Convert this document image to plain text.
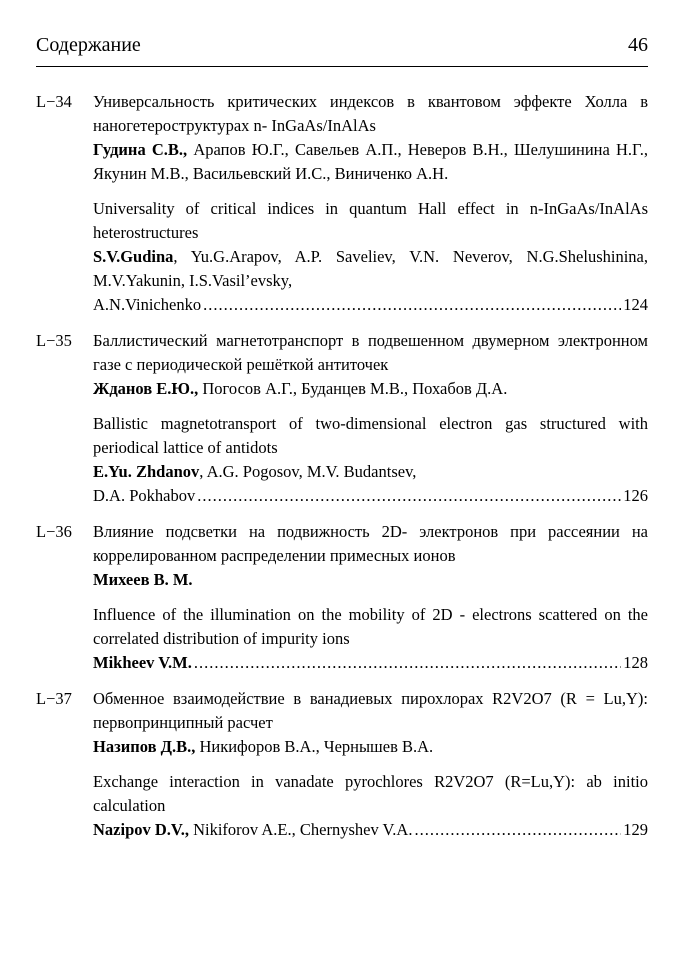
Содержание	46
L−34	Универсальность критических индексов в квантовом эффекте Холла в наногетероструктурах n- InGaAs/InAlAs
Гудина С.В., Арапов Ю.Г., Савельев А.П., Неверов В.Н., Шелушинина Н.Г., Якунин М.В., Васильевский И.С., Виниченко А.Н.
Universality of critical indices in quantum Hall effect in n-InGaAs/InAlAs heterostructures
S.V.Gudina, Yu.G.Arapov, A.P. Saveliev, V.N. Neverov, N.G.Shelushinina, M.V.Yakunin, I.S.Vasil’evsky,
A.N.Vinichenko .....	124
L−35	Баллистический магнетотранспорт в подвешенном двумерном электронном газе с периодической решёткой антиточек
Жданов Е.Ю., Погосов А.Г., Буданцев М.В., Похабов Д.А.
Ballistic magnetotransport of two-dimensional electron gas structured with periodical lattice of antidots
E.Yu. Zhdanov, A.G. Pogosov, M.V. Budantsev,
D.A. Pokhabov .....	126
L−36	Влияние подсветки на подвижность 2D- электронов при рассеянии на коррелированном распределении примесных ионов
Михеев В. М.
Influence of the illumination on the mobility of 2D - electrons scattered on the correlated distribution of impurity ions
Mikheev V.M. .....	128
L−37	Обменное взаимодействие в ванадиевых пирохлорах R2V2O7 (R = Lu,Y): первопринципный расчет
Назипов Д.В., Никифоров В.А., Чернышев В.А.
Exchange interaction in vanadate pyrochlores R2V2O7 (R=Lu,Y): ab initio calculation
Nazipov D.V., Nikiforov A.E., Chernyshev V.A. .....	129
